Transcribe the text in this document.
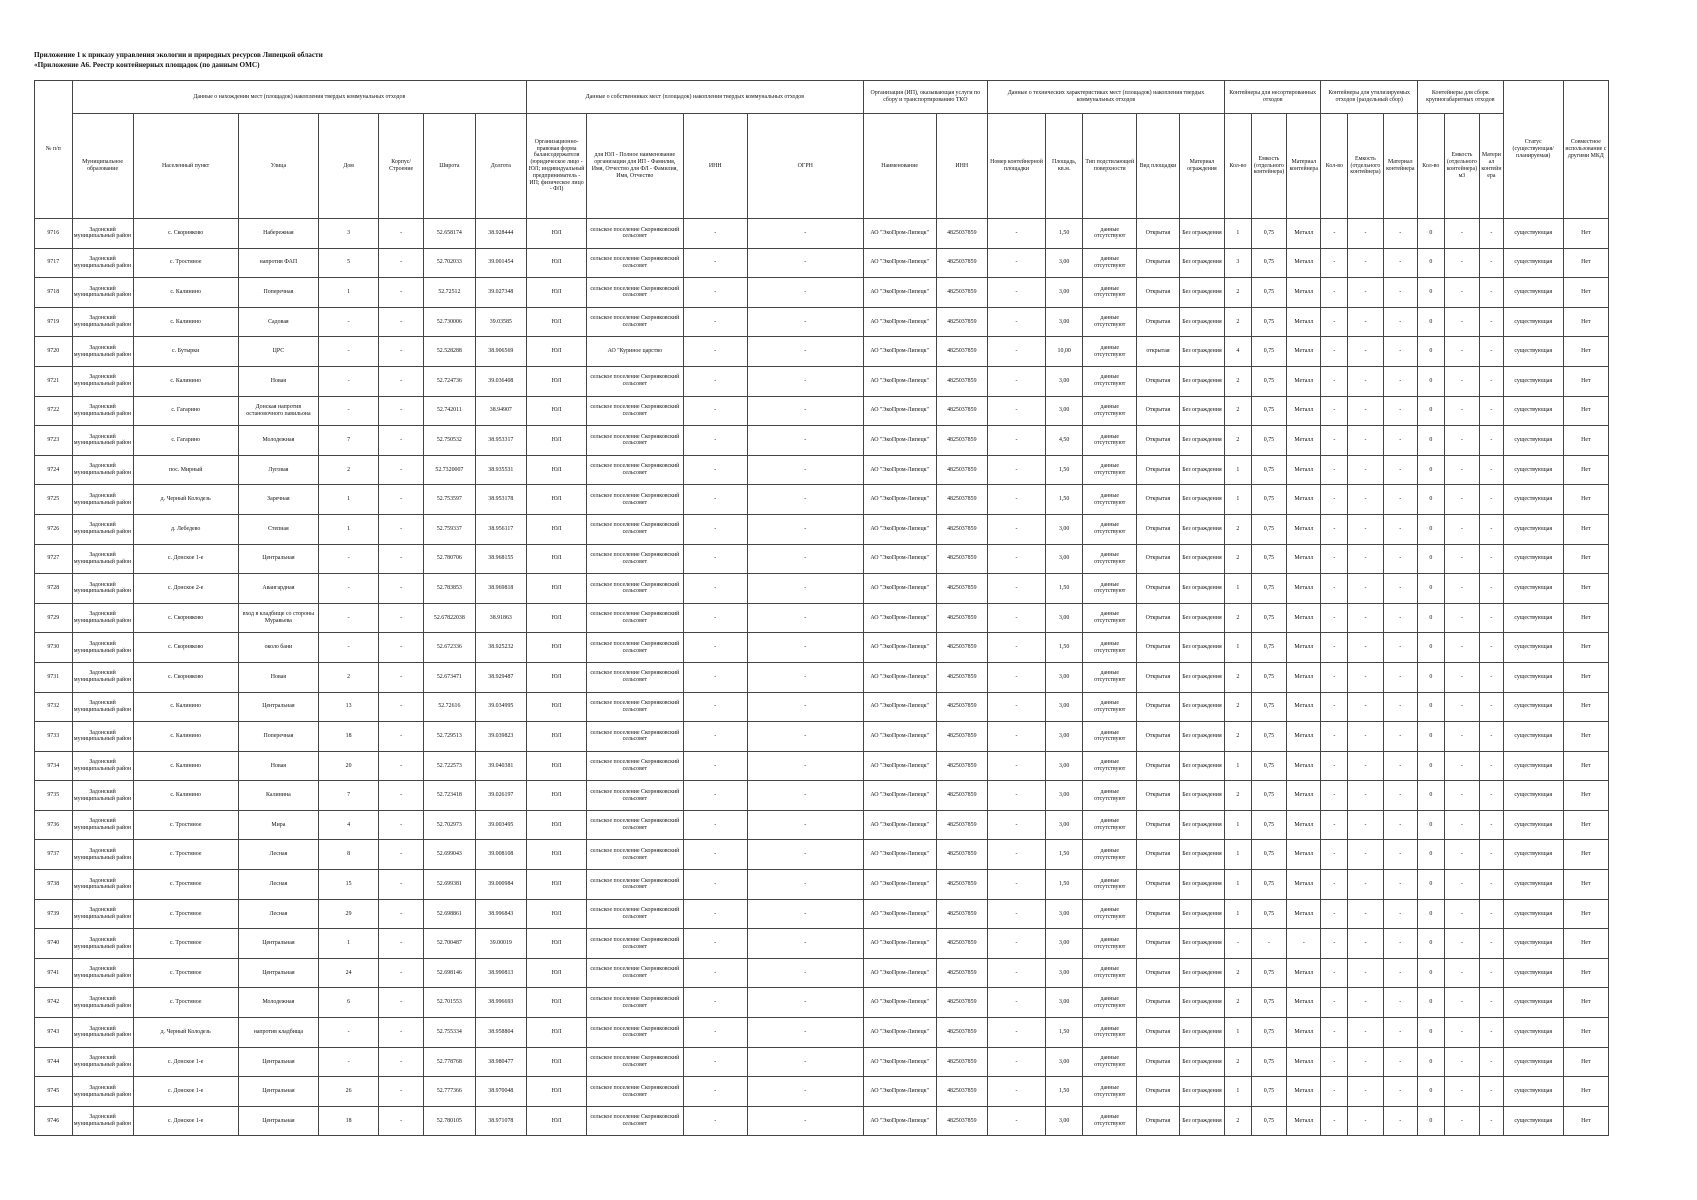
Приложение 1 к приказу управления экологии и природных ресурсов Липецкой области
«Приложение А6. Реестр контейнерных площадок (по данным ОМС)
№ п/п	Данные о нахождении мест (площадок) накопления твердых коммунальных отходов							Данные о собственниках мест (площадок) накопления твердых коммунальных отходов				Организация (ИП), оказывающая услуги по сбору и транспортированию ТКО		Данные о технических характеристиках мест (площадок) накопления твердых коммунальных отходов					Контейнеры для несортированных отходов			Контейнеры для утилизируемых отходов (раздельный сбор)			Контейнеры для сборк крупногабаритных отходов			Статус (существующая/планируемая)	Совместное использование с другими МКД
	Муниципальное образование	Населенный пункт	Улица	Дом	Корпус/Строение	Широта	Долгота	Организационно-правовая форма балансодержателя (юридическое лицо - ЮЛ; индивидуальный предприниматель - ИП; физическое лицо - ФЛ)	для ЮЛ - Полное наименование организации для ИП - Фамилия, Имя, Отчество для ФЛ - Фамилия, Имя, Отчество	ИНН	ОГРН	Наименование	ИНН	Номер контейнерной площадки	Площадь, кв.м.	Тип подстилающей поверхности	Вид площадки	Материал ограждения	Кол-во	Емкость (отдельного контейнера)	Материал контейнера	Кол-во	Емкость (отдельного контейнера)	Материал контейнера	Кол-во	Емкость (отдельного контейнера) м3	Материал контейнера		
9716	Задонский муниципальный район	с. Скорняково	Набережная	3	-	52.658174	38.928444	ЮЛ	сельское поселение Скорняковский сельсовет	-	-	АО "ЭкоПром-Липецк"	4825037859	-	1,50	данные отсутствуют	Открытая	Без ограждения	1	0,75	Металл	-	-	-	0	-	-	существующая	Нет
9717	Задонский муниципальный район	с. Тростяное	напротив ФАП	5	-	52.702033	39.001454	ЮЛ	сельское поселение Скорняковский сельсовет	-	-	АО "ЭкоПром-Липецк"	4825037859	-	3,00	данные отсутствуют	Открытая	Без ограждения	3	0,75	Металл	-	-	-	0	-	-	существующая	Нет
9718	Задонский муниципальный район	с. Калинино	Поперечная	1	-	52.72512	39.027348	ЮЛ	сельское поселение Скорняковский сельсовет	-	-	АО "ЭкоПром-Липецк"	4825037859	-	3,00	данные отсутствуют	Открытая	Без ограждения	2	0,75	Металл	-	-	-	0	-	-	существующая	Нет
9719	Задонский муниципальный район	с. Калинино	Садовая	-	-	52.730006	39.03585	ЮЛ	сельское поселение Скорняковский сельсовет	-	-	АО "ЭкоПром-Липецк"	4825037859	-	3,00	данные отсутствуют	Открытая	Без ограждения	2	0,75	Металл	-	-	-	0	-	-	существующая	Нет
9720	Задонский муниципальный район	с. Бутырки	ЦРС	-	-	52.528288	38.906569	ЮЛ	АО "Куриное царство	-	-	АО "ЭкоПром-Липецк"	4825037859	-	10,00	данные отсутствуют	открытая	Без ограждения	4	0,75	Металл	-	-	-	0	-	-	существующая	Нет
9721	Задонский муниципальный район	с. Калинино	Новая	-	-	52.724736	39.036408	ЮЛ	сельское поселение Скорняковский сельсовет	-	-	АО "ЭкоПром-Липецк"	4825037859	-	3,00	данные отсутствуют	Открытая	Без ограждения	2	0,75	Металл	-	-	-	0	-	-	существующая	Нет
9722	Задонский муниципальный район	с. Гагарино	Донская напротив остановочного павильона	-	-	52.742011	38.94907	ЮЛ	сельское поселение Скорняковский сельсовет	-	-	АО "ЭкоПром-Липецк"	4825037859	-	3,00	данные отсутствуют	Открытая	Без ограждения	2	0,75	Металл	-	-	-	0	-	-	существующая	Нет
9723	Задонский муниципальный район	с. Гагарино	Молодежная	7	-	52.750532	38.953317	ЮЛ	сельское поселение Скорняковский сельсовет	-	-	АО "ЭкоПром-Липецк"	4825037859	-	4,50	данные отсутствуют	Открытая	Без ограждения	2	0,75	Металл	-	-	-	0	-	-	существующая	Нет
9724	Задонский муниципальный район	пос. Мирный	Луговая	2	-	52.7320007	38.935531	ЮЛ	сельское поселение Скорняковский сельсовет	-	-	АО "ЭкоПром-Липецк"	4825037859	-	1,50	данные отсутствуют	Открытая	Без ограждения	1	0,75	Металл	-	-	-	0	-	-	существующая	Нет
9725	Задонский муниципальный район	д. Черный Колодезь	Заречная	1	-	52.753597	38.953178	ЮЛ	сельское поселение Скорняковский сельсовет	-	-	АО "ЭкоПром-Липецк"	4825037859	-	1,50	данные отсутствуют	Открытая	Без ограждения	1	0,75	Металл	-	-	-	0	-	-	существующая	Нет
9726	Задонский муниципальный район	д. Лебедево	Степная	1	-	52.759337	38.956117	ЮЛ	сельское поселение Скорняковский сельсовет	-	-	АО "ЭкоПром-Липецк"	4825037859	-	3,00	данные отсутствуют	Открытая	Без ограждения	2	0,75	Металл	-	-	-	0	-	-	существующая	Нет
9727	Задонский муниципальный район	с. Донское 1-е	Центральная	-	-	52.780706	38.968155	ЮЛ	сельское поселение Скорняковский сельсовет	-	-	АО "ЭкоПром-Липецк"	4825037859	-	3,00	данные отсутствуют	Открытая	Без ограждения	2	0,75	Металл	-	-	-	0	-	-	существующая	Нет
9728	Задонский муниципальный район	с. Донское 2-е	Авангардная	-	-	52.783853	38.969818	ЮЛ	сельское поселение Скорняковский сельсовет	-	-	АО "ЭкоПром-Липецк"	4825037859	-	1,50	данные отсутствуют	Открытая	Без ограждения	1	0,75	Металл	-	-	-	0	-	-	существующая	Нет
9729	Задонский муниципальный район	с. Скорняково	вход в кладбище со стороны Муравьева	-	-	52.67822038	38.91863	ЮЛ	сельское поселение Скорняковский сельсовет	-	-	АО "ЭкоПром-Липецк"	4825037859	-	3,00	данные отсутствуют	Открытая	Без ограждения	2	0,75	Металл	-	-	-	0	-	-	существующая	Нет
9730	Задонский муниципальный район	с. Скорняково	около бани	-	-	52.672336	38.925232	ЮЛ	сельское поселение Скорняковский сельсовет	-	-	АО "ЭкоПром-Липецк"	4825037859	-	1,50	данные отсутствуют	Открытая	Без ограждения	1	0,75	Металл	-	-	-	0	-	-	существующая	Нет
9731	Задонский муниципальный район	с. Скорняково	Новая	2	-	52.673471	38.929487	ЮЛ	сельское поселение Скорняковский сельсовет	-	-	АО "ЭкоПром-Липецк"	4825037859	-	3,00	данные отсутствуют	Открытая	Без ограждения	2	0,75	Металл	-	-	-	0	-	-	существующая	Нет
9732	Задонский муниципальный район	с. Калинино	Центральная	13	-	52.72616	39.034995	ЮЛ	сельское поселение Скорняковский сельсовет	-	-	АО "ЭкоПром-Липецк"	4825037859	-	3,00	данные отсутствуют	Открытая	Без ограждения	2	0,75	Металл	-	-	-	0	-	-	существующая	Нет
9733	Задонский муниципальный район	с. Калинино	Поперечная	18	-	52.729513	39.039823	ЮЛ	сельское поселение Скорняковский сельсовет	-	-	АО "ЭкоПром-Липецк"	4825037859	-	3,00	данные отсутствуют	Открытая	Без ограждения	2	0,75	Металл	-	-	-	0	-	-	существующая	Нет
9734	Задонский муниципальный район	с. Калинино	Новая	20	-	52.722573	39.040381	ЮЛ	сельское поселение Скорняковский сельсовет	-	-	АО "ЭкоПром-Липецк"	4825037859	-	3,00	данные отсутствуют	Открытая	Без ограждения	1	0,75	Металл	-	-	-	0	-	-	существующая	Нет
9735	Задонский муниципальный район	с. Калинино	Калинина	7	-	52.723418	39.026197	ЮЛ	сельское поселение Скорняковский сельсовет	-	-	АО "ЭкоПром-Липецк"	4825037859	-	3,00	данные отсутствуют	Открытая	Без ограждения	2	0,75	Металл	-	-	-	0	-	-	существующая	Нет
9736	Задонский муниципальный район	с. Тростяное	Мира	4	-	52.702973	39.003495	ЮЛ	сельское поселение Скорняковский сельсовет	-	-	АО "ЭкоПром-Липецк"	4825037859	-	3,00	данные отсутствуют	Открытая	Без ограждения	1	0,75	Металл	-	-	-	0	-	-	существующая	Нет
9737	Задонский муниципальный район	с. Тростяное	Лесная	8	-	52.699043	39.008108	ЮЛ	сельское поселение Скорняковский сельсовет	-	-	АО "ЭкоПром-Липецк"	4825037859	-	1,50	данные отсутствуют	Открытая	Без ограждения	1	0,75	Металл	-	-	-	0	-	-	существующая	Нет
9738	Задонский муниципальный район	с. Тростяное	Лесная	15	-	52.699381	39.000984	ЮЛ	сельское поселение Скорняковский сельсовет	-	-	АО "ЭкоПром-Липецк"	4825037859	-	1,50	данные отсутствуют	Открытая	Без ограждения	1	0,75	Металл	-	-	-	0	-	-	существующая	Нет
9739	Задонский муниципальный район	с. Тростяное	Лесная	29	-	52.698861	38.996843	ЮЛ	сельское поселение Скорняковский сельсовет	-	-	АО "ЭкоПром-Липецк"	4825037859	-	3,00	данные отсутствуют	Открытая	Без ограждения	1	0,75	Металл	-	-	-	0	-	-	существующая	Нет
9740	Задонский муниципальный район	с. Тростяное	Центральная	1	-	52.700487	39.00019	ЮЛ	сельское поселение Скорняковский сельсовет	-	-	АО "ЭкоПром-Липецк"	4825037859	-	3,00	данные отсутствуют	Открытая	Без ограждения	-	-	-	-	-	-	0	-	-	существующая	Нет
9741	Задонский муниципальный район	с. Тростяное	Центральная	24	-	52.698146	38.990813	ЮЛ	сельское поселение Скорняковский сельсовет	-	-	АО "ЭкоПром-Липецк"	4825037859	-	3,00	данные отсутствуют	Открытая	Без ограждения	2	0,75	Металл	-	-	-	0	-	-	существующая	Нет
9742	Задонский муниципальный район	с. Тростяное	Молодежная	6	-	52.701553	38.996693	ЮЛ	сельское поселение Скорняковский сельсовет	-	-	АО "ЭкоПром-Липецк"	4825037859	-	3,00	данные отсутствуют	Открытая	Без ограждения	2	0,75	Металл	-	-	-	0	-	-	существующая	Нет
9743	Задонский муниципальный район	д. Черный Колодезь	напротив кладбища	-	-	52.755334	38.958804	ЮЛ	сельское поселение Скорняковский сельсовет	-	-	АО "ЭкоПром-Липецк"	4825037859	-	1,50	данные отсутствуют	Открытая	Без ограждения	1	0,75	Металл	-	-	-	0	-	-	существующая	Нет
9744	Задонский муниципальный район	с. Донское 1-е	Центральная	-	-	52.778768	38.980477	ЮЛ	сельское поселение Скорняковский сельсовет	-	-	АО "ЭкоПром-Липецк"	4825037859	-	3,00	данные отсутствуют	Открытая	Без ограждения	2	0,75	Металл	-	-	-	0	-	-	существующая	Нет
9745	Задонский муниципальный район	с. Донское 1-е	Центральная	26	-	52.777366	38.970048	ЮЛ	сельское поселение Скорняковский сельсовет	-	-	АО "ЭкоПром-Липецк"	4825037859	-	1,50	данные отсутствуют	Открытая	Без ограждения	1	0,75	Металл	-	-	-	0	-	-	существующая	Нет
9746	Задонский муниципальный район	с. Донское 1-е	Центральная	18	-	52.780105	38.971078	ЮЛ	сельское поселение Скорняковский сельсовет	-	-	АО "ЭкоПром-Липецк"	4825037859	-	3,00	данные отсутствуют	Открытая	Без ограждения	2	0,75	Металл	-	-	-	0	-	-	существующая	Нет
